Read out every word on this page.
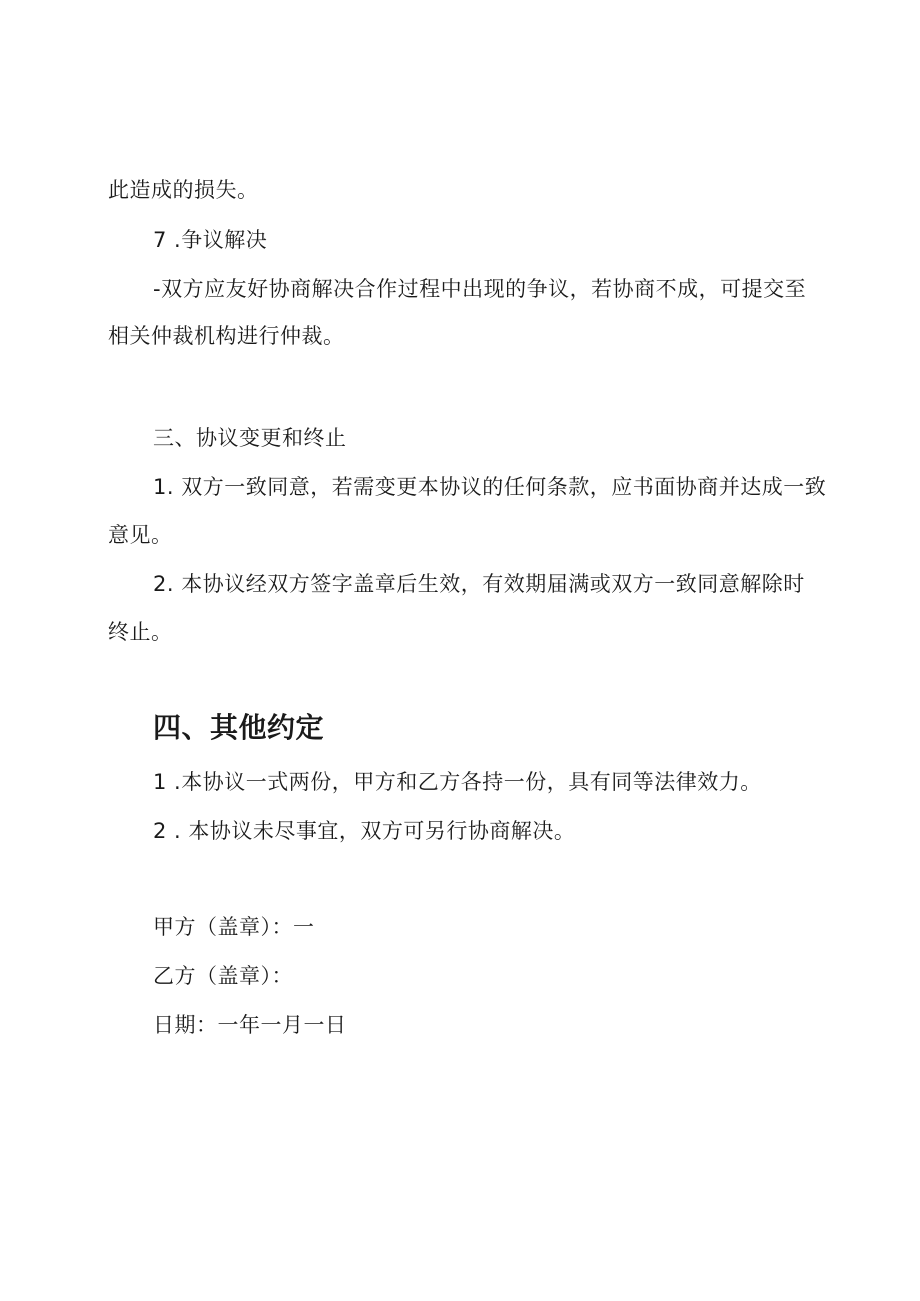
此造成的损失。
7 .争议解决
-双方应友好协商解决合作过程中出现的争议，若协商不成，可提交至
相关仲裁机构进行仲裁。
三、协议变更和终止
1. 双方一致同意，若需变更本协议的任何条款，应书面协商并达成一致
意见。
2. 本协议经双方签字盖章后生效，有效期届满或双方一致同意解除时
终止。
四、其他约定
1 .本协议一式两份，甲方和乙方各持一份，具有同等法律效力。
2 . 本协议未尽事宜，双方可另行协商解决。
甲方（盖章）：一
乙方（盖章）：
日期：一年一月一日
